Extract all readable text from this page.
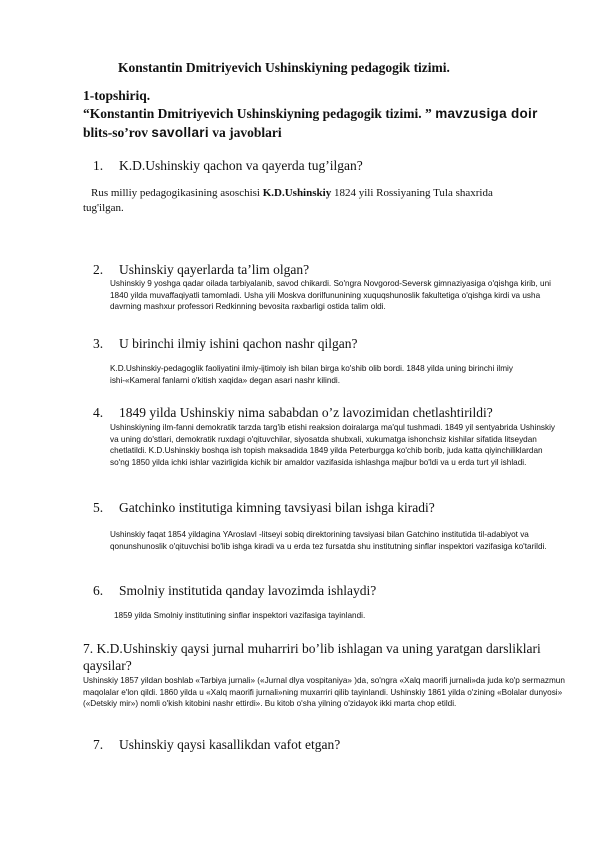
Konstantin Dmitriyevich Ushinskiyning pedagogik tizimi.
1-topshiriq.
“Konstantin Dmitriyevich Ushinskiyning pedagogik tizimi. ” mavzusiga doir
blits-so’rov savollari va javoblari
1. K.D.Ushinskiy qachon va qayerda tug’ilgan?
Rus milliy pedagogikasining asoschisi K.D.Ushinskiy 1824 yili Rossiyaning Tula shaxrida tug'ilgan.
2. Ushinskiy qayerlarda ta’lim olgan?
Ushinskiy 9 yoshga qadar oilada tarbiyalanib, savod chikardi. So'ngra Novgorod-Seversk gimnaziyasiga o'qishga kirib, uni 1840 yilda muvaffaqiyatli tamomladi. Usha yili Moskva dorilfununining xuquqshunoslik fakultetiga o'qishga kirdi va usha davrning mashxur professori Redkinning bevosita raxbarligi ostida talim oldi.
3. U birinchi ilmiy ishini qachon nashr qilgan?
K.D.Ushinskiy-pedagoglik faoliyatini ilmiy-ijtimoiy ish bilan birga ko'shib olib bordi. 1848 yilda uning birinchi ilmiy ishi-«Kameral fanlarni o'kitish xaqida» degan asari nashr kilindi.
4. 1849 yilda Ushinskiy nima sababdan o’z lavozimidan chetlashtirildi?
Ushinskiyning ilm-fanni demokratik tarzda targ'ib etishi reaksion doiralarga ma'qul tushmadi. 1849 yil sentyabrida Ushinskiy va uning do'stlari, demokratik ruxdagi o'qituvchilar, siyosatda shubxali, xukumatga ishonchsiz kishilar sifatida litseydan chetlatildi. K.D.Ushinskiy boshqa ish topish maksadida 1849 yilda Peterburgga ko'chib borib, juda katta qiyinchiliklardan so'ng 1850 yilda ichki ishlar vazirligida kichik bir amaldor vazifasida ishlashga majbur bo'ldi va u erda turt yil ishladi.
5. Gatchinko institutiga kimning tavsiyasi bilan ishga kiradi?
Ushinskiy faqat 1854 yildagina YAroslavl -litseyi sobiq direktorining tavsiyasi bilan Gatchino institutida til-adabiyot va qonunshunoslik o'qituvchisi bo'lib ishga kiradi va u erda tez fursatda shu institutning sinflar inspektori vazifasiga ko'tarildi.
6. Smolniy institutida qanday lavozimda ishlaydi?
1859 yilda Smolniy institutining sinflar inspektori vazifasiga tayinlandi.
7. K.D.Ushinskiy qaysi jurnal muharriri bo’lib ishlagan va uning yaratgan darsliklari qaysilar?
Ushinskiy 1857 yildan boshlab «Tarbiya jurnali» («Jurnal dlya vospitaniya» )da, so'ngra «Xalq maorifi jurnali»da juda ko'p sermazmun maqolalar e'lon qildi. 1860 yilda u «Xalq maorifi jurnali»ning muxarriri qilib tayinlandi. Ushinskiy 1861 yilda o'zining «Bolalar dunyosi» («Detskiy mir») nomli o'kish kitobini nashr ettirdi». Bu kitob o'sha yilning o'zidayok ikki marta chop etildi.
7. Ushinskiy qaysi kasallikdan vafot etgan?
